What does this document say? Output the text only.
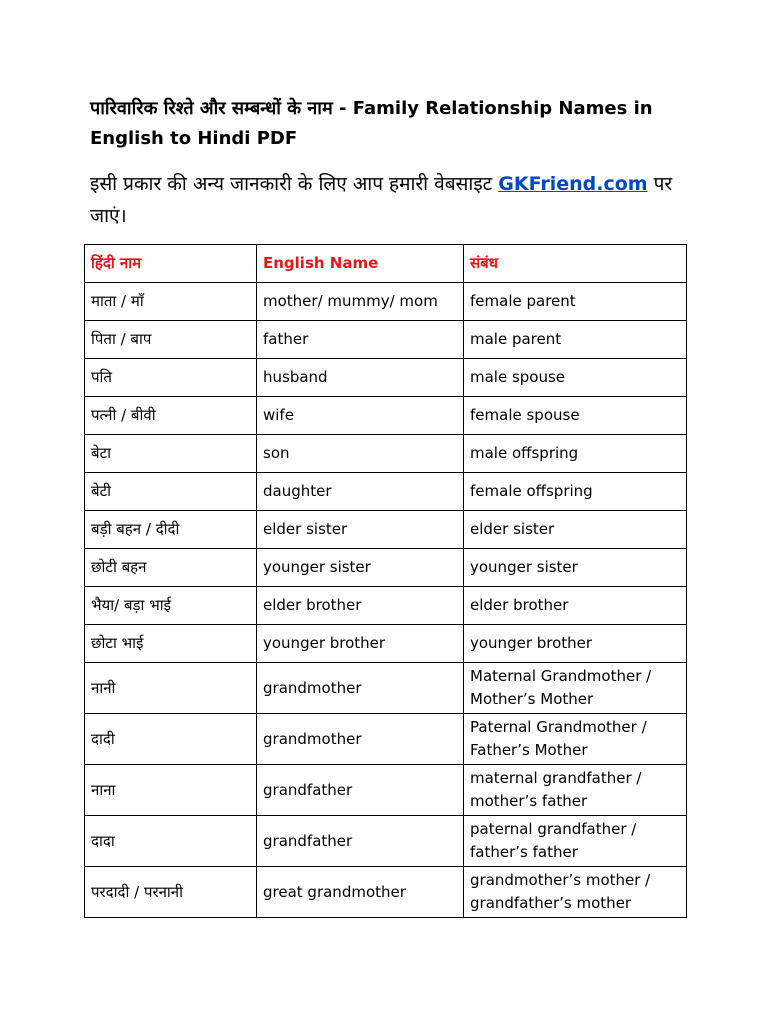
पारिवारिक रिश्ते और सम्बन्धों के नाम - Family Relationship Names in English to Hindi PDF

इसी प्रकार की अन्य जानकारी के लिए आप हमारी वेबसाइट GKFriend.com पर जाएं।

हिंदी नाम	English Name	संबंध
माता / माँ	mother/ mummy/ mom	female parent
पिता / बाप	father	male parent
पति	husband	male spouse
पत्नी / बीवी	wife	female spouse
बेटा	son	male offspring
बेटी	daughter	female offspring
बड़ी बहन / दीदी	elder sister	elder sister
छोटी बहन	younger sister	younger sister
भैया/ बड़ा भाई	elder brother	elder brother
छोटा भाई	younger brother	younger brother
नानी	grandmother	Maternal Grandmother /
Mother’s Mother
दादी	grandmother	Paternal Grandmother /
Father’s Mother
नाना	grandfather	maternal grandfather /
mother’s father
दादा	grandfather	paternal grandfather /
father’s father
परदादी / परनानी	great grandmother	grandmother’s mother /
grandfather’s mother
